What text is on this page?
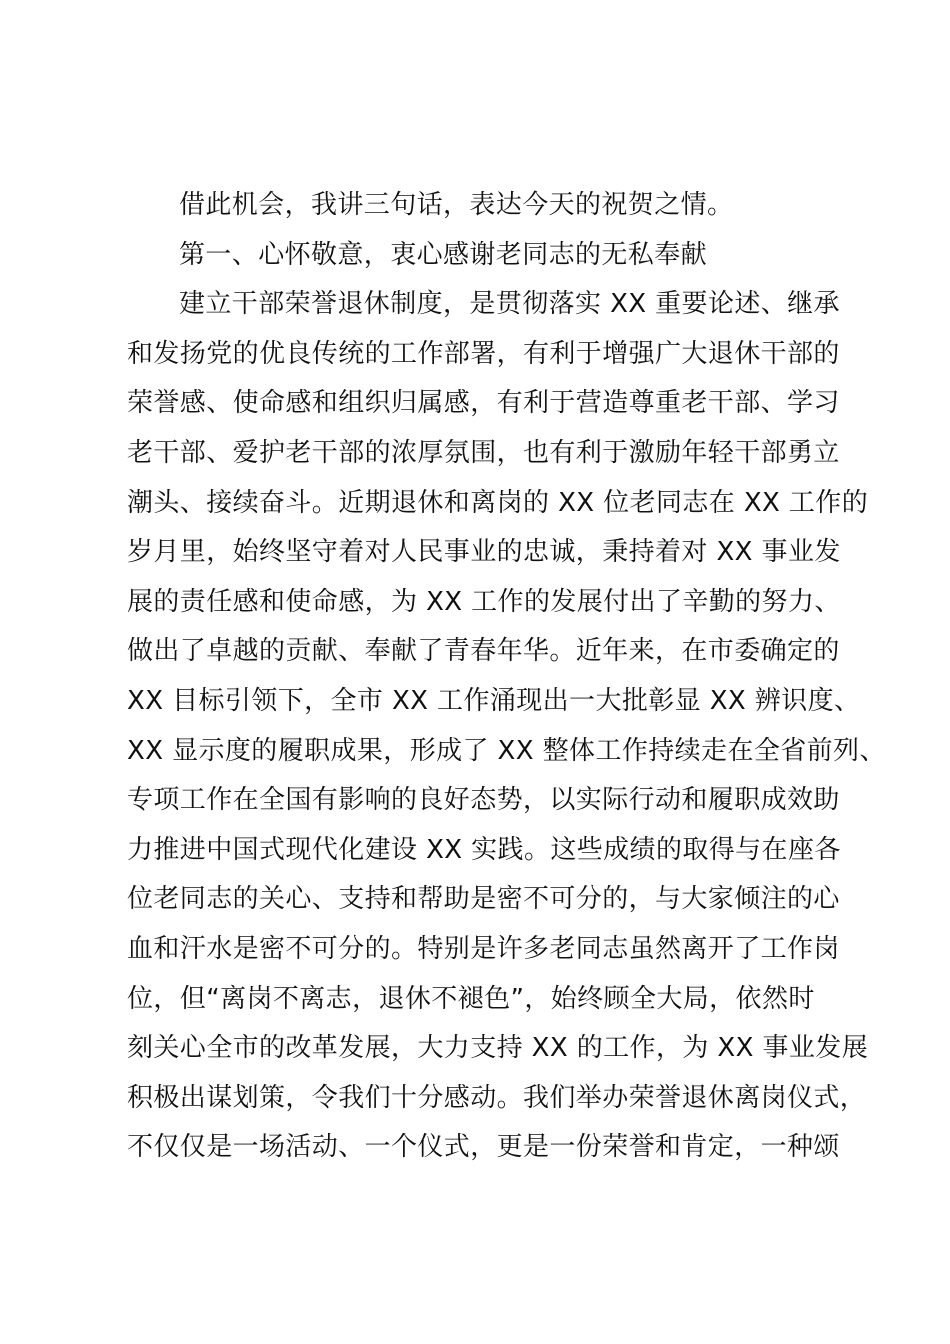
借此机会，我讲三句话，表达今天的祝贺之情。

第一、心怀敬意，衷心感谢老同志的无私奉献

建立干部荣誉退休制度，是贯彻落实 XX 重要论述、继承

和发扬党的优良传统的工作部署，有利于增强广大退休干部的

荣誉感、使命感和组织归属感，有利于营造尊重老干部、学习

老干部、爱护老干部的浓厚氛围，也有利于激励年轻干部勇立

潮头、接续奋斗。近期退休和离岗的 XX 位老同志在 XX 工作的

岁月里，始终坚守着对人民事业的忠诚，秉持着对 XX 事业发

展的责任感和使命感，为 XX 工作的发展付出了辛勤的努力、

做出了卓越的贡献、奉献了青春年华。近年来，在市委确定的

XX 目标引领下，全市 XX 工作涌现出一大批彰显 XX 辨识度、

XX 显示度的履职成果，形成了 XX 整体工作持续走在全省前列、

专项工作在全国有影响的良好态势，以实际行动和履职成效助

力推进中国式现代化建设 XX 实践。这些成绩的取得与在座各

位老同志的关心、支持和帮助是密不可分的，与大家倾注的心

血和汗水是密不可分的。特别是许多老同志虽然离开了工作岗

位，但“离岗不离志，退休不褪色”，始终顾全大局，依然时

刻关心全市的改革发展，大力支持 XX 的工作，为 XX 事业发展

积极出谋划策，令我们十分感动。我们举办荣誉退休离岗仪式，

不仅仅是一场活动、一个仪式，更是一份荣誉和肯定，一种颂
